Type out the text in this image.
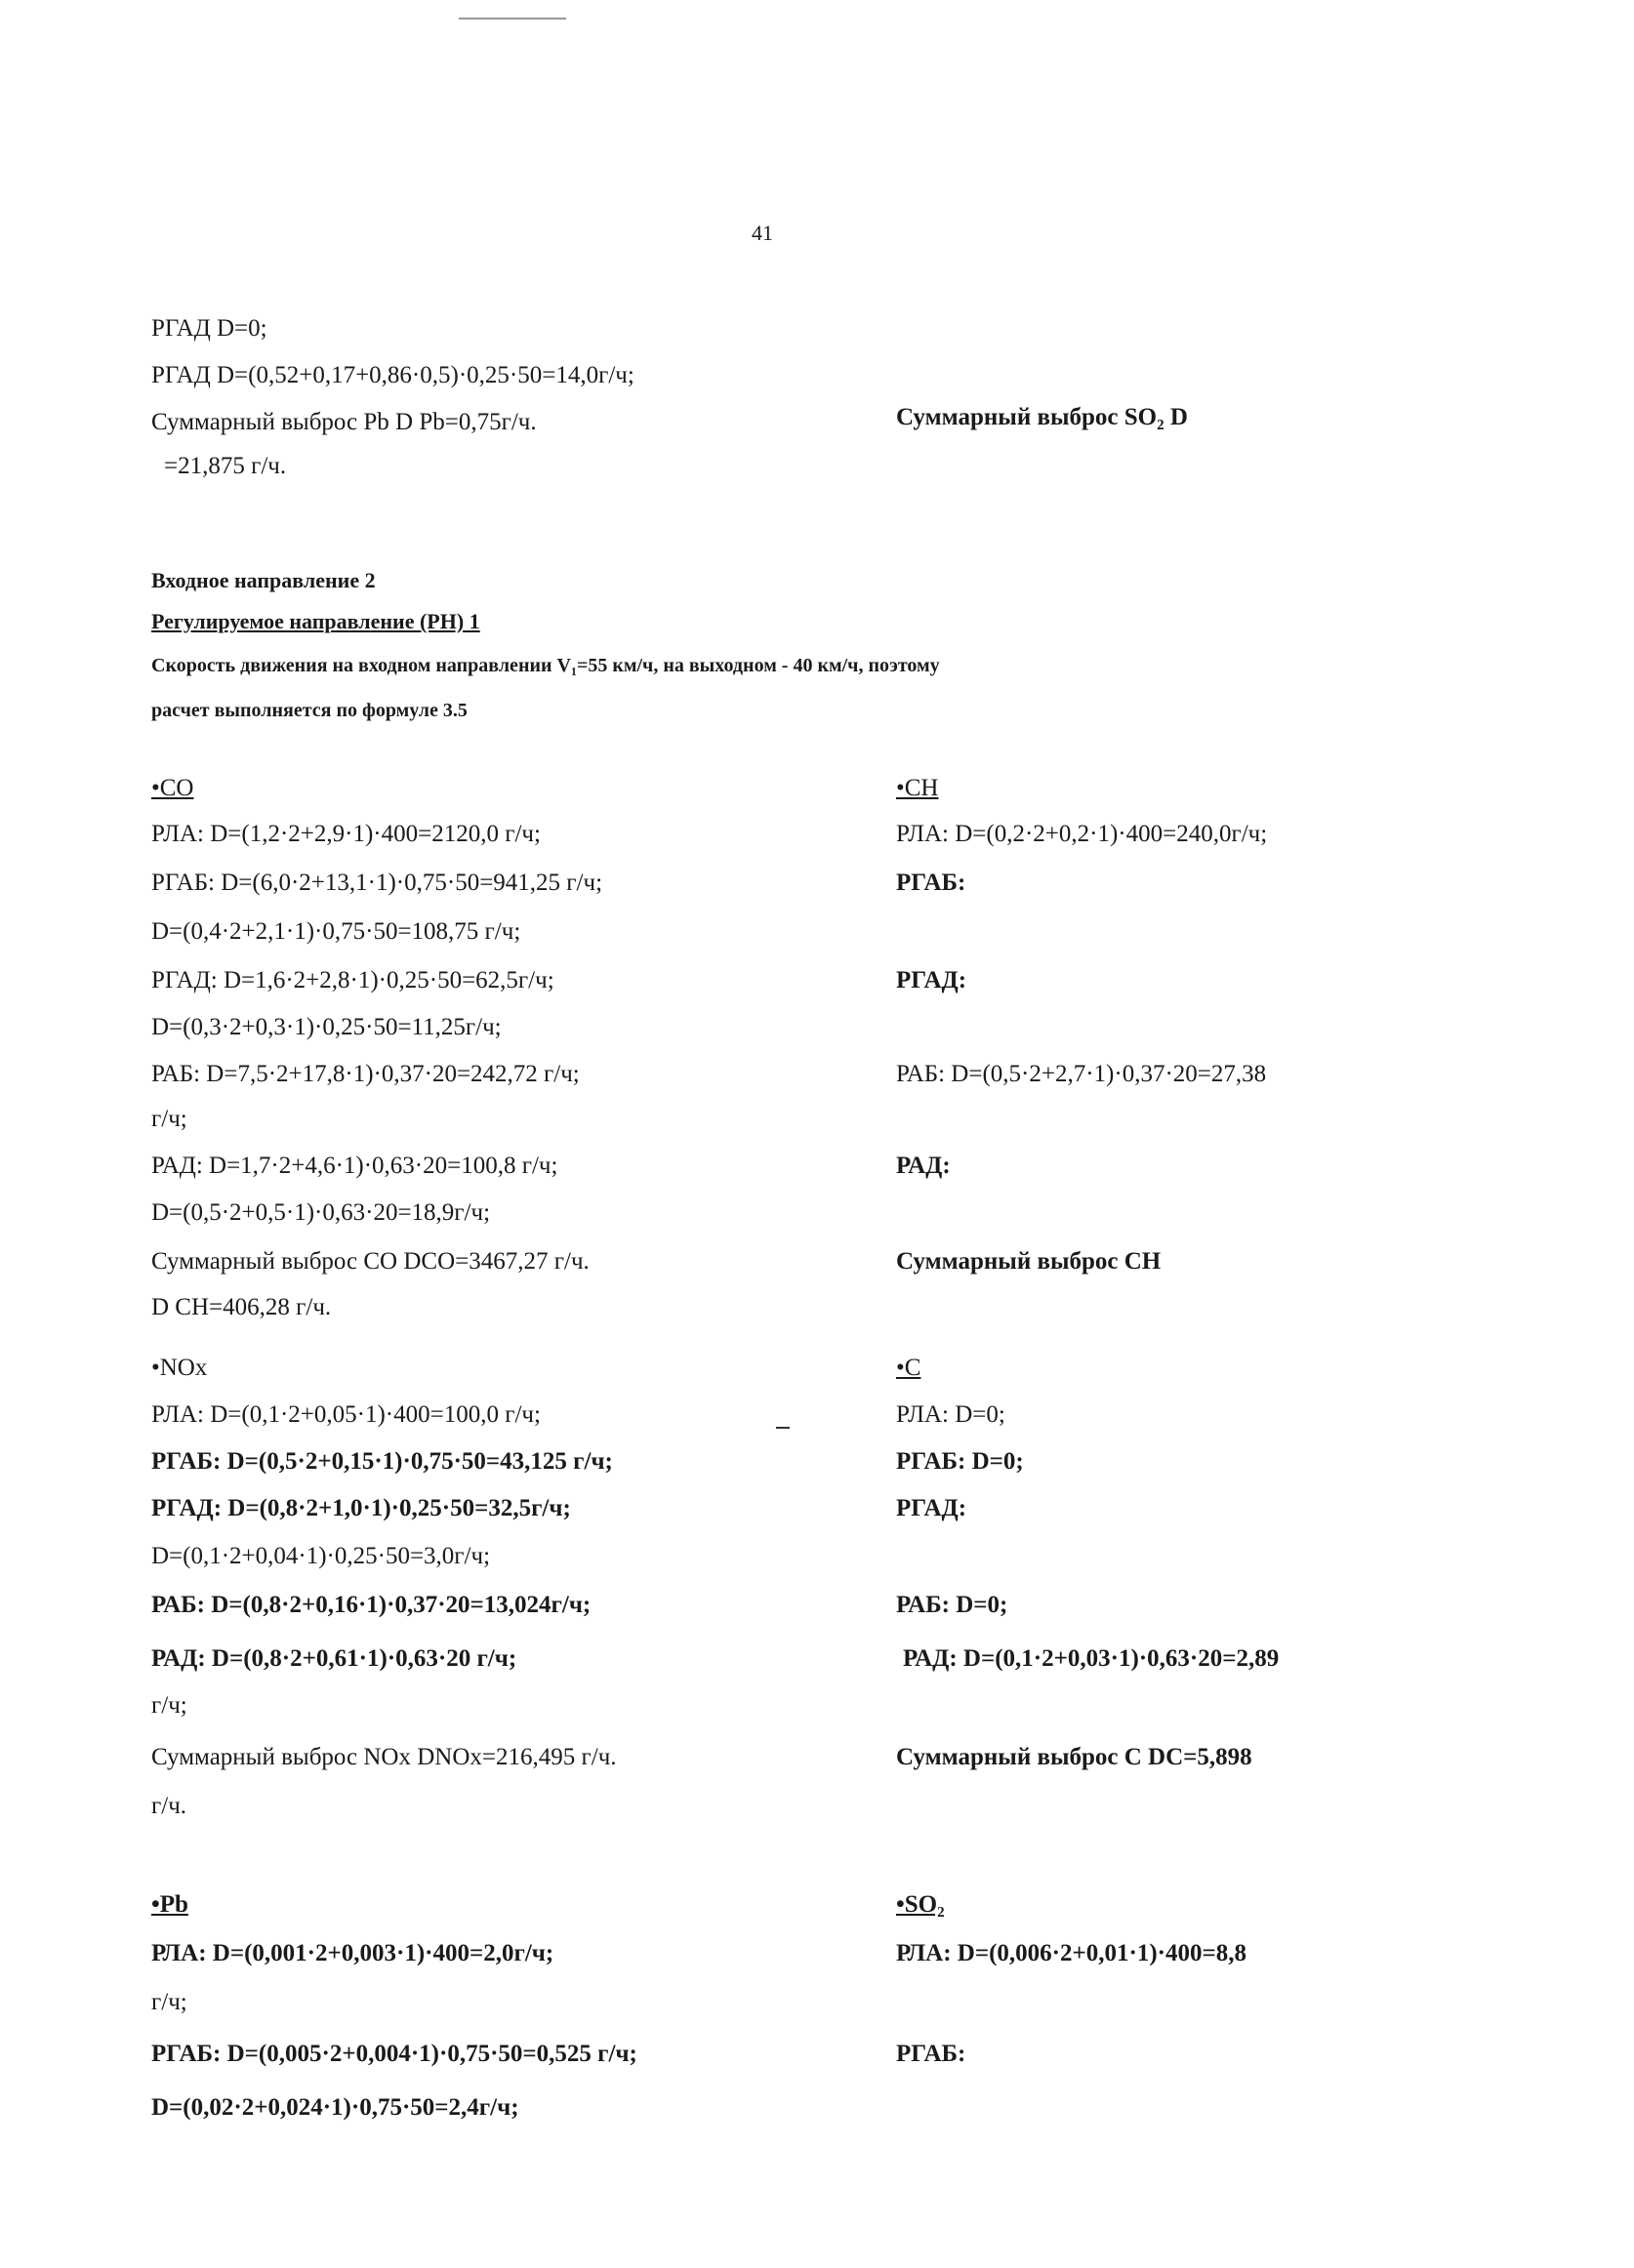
41
РГАД D=0;
РГАД D=(0,52+0,17+0,86·0,5)·0,25·50=14,0г/ч;
Суммарный выброс Pb D Pb=0,75г/ч.	Суммарный выброс SO₂ D
=21,875 г/ч.
Входное направление 2
Регулируемое направление (РН) 1
Скорость движения на входном направлении V₁=55 км/ч, на выходном - 40 км/ч, поэтому
расчет выполняется по формуле 3.5
•CO
РЛА: D=(1,2·2+2,9·1)·400=2120,0 г/ч;
РГАБ: D=(6,0·2+13,1·1)·0,75·50=941,25 г/ч;
D=(0,4·2+2,1·1)·0,75·50=108,75 г/ч;
РГАД: D=1,6·2+2,8·1)·0,25·50=62,5г/ч;
D=(0,3·2+0,3·1)·0,25·50=11,25г/ч;
РАБ: D=7,5·2+17,8·1)·0,37·20=242,72 г/ч;
г/ч;
РАД: D=1,7·2+4,6·1)·0,63·20=100,8 г/ч;
D=(0,5·2+0,5·1)·0,63·20=18,9г/ч;
Суммарный выброс CO DCO=3467,27 г/ч.
D CH=406,28 г/ч.
•CH
РЛА: D=(0,2·2+0,2·1)·400=240,0г/ч;
РГАБ:
РГАД:
РАБ: D=(0,5·2+2,7·1)·0,37·20=27,38
РАД:
Суммарный выброс CH
•NOx
РЛА: D=(0,1·2+0,05·1)·400=100,0 г/ч;
РГАБ: D=(0,5·2+0,15·1)·0,75·50=43,125 г/ч;
РГАД: D=(0,8·2+1,0·1)·0,25·50=32,5г/ч;
D=(0,1·2+0,04·1)·0,25·50=3,0г/ч;
РАБ: D=(0,8·2+0,16·1)·0,37·20=13,024г/ч;
РАД: D=(0,8·2+0,61·1)·0,63·20 г/ч;
г/ч;
Суммарный выброс NOx DNOx=216,495 г/ч.
г/ч.
•C
РЛА: D=0;
РГАБ: D=0;
РГАД:
РАБ: D=0;
РАД: D=(0,1·2+0,03·1)·0,63·20=2,89
Суммарный выброс C DC=5,898
•Pb
РЛА: D=(0,001·2+0,003·1)·400=2,0г/ч;
г/ч;
РГАБ: D=(0,005·2+0,004·1)·0,75·50=0,525 г/ч;
D=(0,02·2+0,024·1)·0,75·50=2,4г/ч;
•SO₂
РЛА: D=(0,006·2+0,01·1)·400=8,8
РГАБ:
